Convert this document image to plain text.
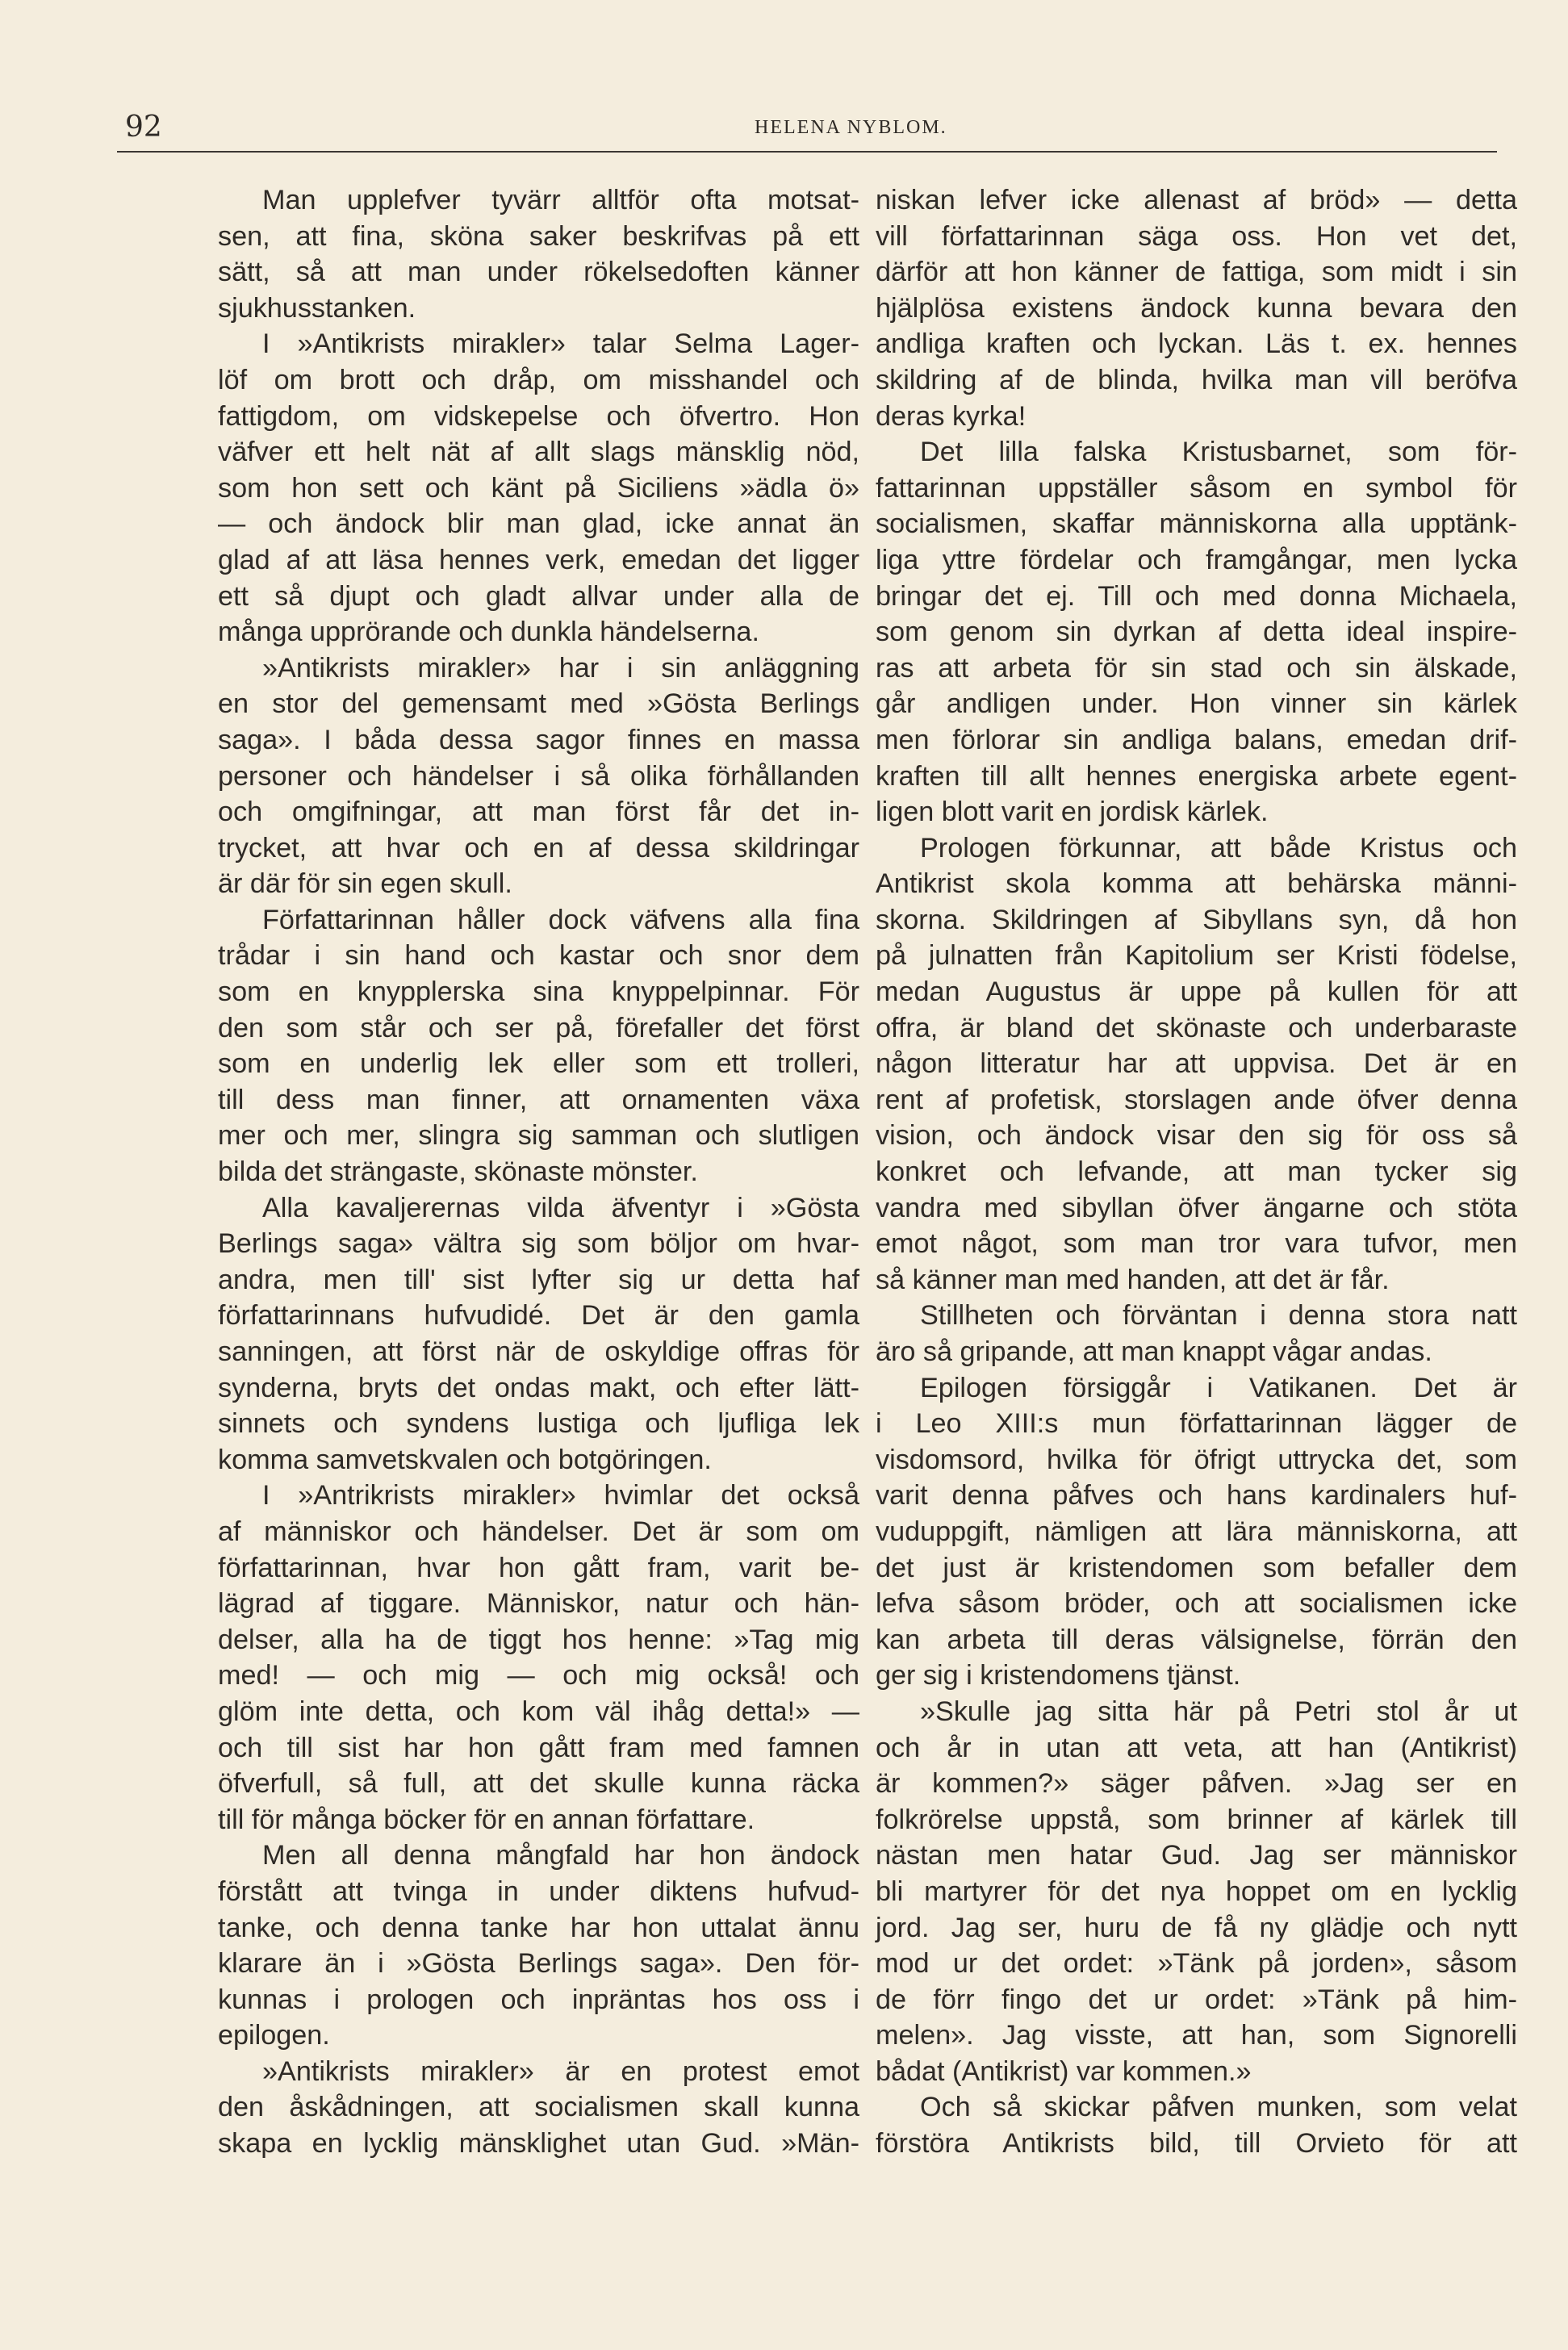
92	HELENA NYBLOM.
Man upplefver tyvärr alltför ofta motsat-
sen, att fina, sköna saker beskrifvas på ett
sätt, så att man under rökelsedoften känner
sjukhusstanken.
I »Antikrists mirakler» talar Selma Lager-
löf om brott och dråp, om misshandel och
fattigdom, om vidskepelse och öfvertro. Hon
väfver ett helt nät af allt slags mänsklig nöd,
som hon sett och känt på Siciliens »ädla ö»
— och ändock blir man glad, icke annat än
glad af att läsa hennes verk, emedan det ligger
ett så djupt och gladt allvar under alla de
många upprörande och dunkla händelserna.
»Antikrists mirakler» har i sin anläggning
en stor del gemensamt med »Gösta Berlings
saga». I båda dessa sagor finnes en massa
personer och händelser i så olika förhållanden
och omgifningar, att man först får det in-
trycket, att hvar och en af dessa skildringar
är där för sin egen skull.
Författarinnan håller dock väfvens alla fina
trådar i sin hand och kastar och snor dem
som en knypplerska sina knyppelpinnar. För
den som står och ser på, förefaller det först
som en underlig lek eller som ett trolleri,
till dess man finner, att ornamenten växa
mer och mer, slingra sig samman och slutligen
bilda det strängaste, skönaste mönster.
Alla kavaljerernas vilda äfventyr i »Gösta
Berlings saga» vältra sig som böljor om hvar-
andra, men till' sist lyfter sig ur detta haf
författarinnans hufvudidé. Det är den gamla
sanningen, att först när de oskyldige offras för
synderna, bryts det ondas makt, och efter lätt-
sinnets och syndens lustiga och ljufliga lek
komma samvetskvalen och botgöringen.
I »Antrikrists mirakler» hvimlar det också
af människor och händelser. Det är som om
författarinnan, hvar hon gått fram, varit be-
lägrad af tiggare. Människor, natur och hän-
delser, alla ha de tiggt hos henne: »Tag mig
med! — och mig — och mig också! och
glöm inte detta, och kom väl ihåg detta!» —
och till sist har hon gått fram med famnen
öfverfull, så full, att det skulle kunna räcka
till för många böcker för en annan författare.
Men all denna mångfald har hon ändock
förstått att tvinga in under diktens hufvud-
tanke, och denna tanke har hon uttalat ännu
klarare än i »Gösta Berlings saga». Den för-
kunnas i prologen och inpräntas hos oss i
epilogen.
»Antikrists mirakler» är en protest emot
den åskådningen, att socialismen skall kunna
skapa en lycklig mänsklighet utan Gud. »Män-
niskan lefver icke allenast af bröd» — detta
vill författarinnan säga oss. Hon vet det,
därför att hon känner de fattiga, som midt i sin
hjälplösa existens ändock kunna bevara den
andliga kraften och lyckan. Läs t. ex. hennes
skildring af de blinda, hvilka man vill beröfva
deras kyrka!
Det lilla falska Kristusbarnet, som för-
fattarinnan uppställer såsom en symbol för
socialismen, skaffar människorna alla upptänk-
liga yttre fördelar och framgångar, men lycka
bringar det ej. Till och med donna Michaela,
som genom sin dyrkan af detta ideal inspire-
ras att arbeta för sin stad och sin älskade,
går andligen under. Hon vinner sin kärlek
men förlorar sin andliga balans, emedan drif-
kraften till allt hennes energiska arbete egent-
ligen blott varit en jordisk kärlek.
Prologen förkunnar, att både Kristus och
Antikrist skola komma att behärska männi-
skorna. Skildringen af Sibyllans syn, då hon
på julnatten från Kapitolium ser Kristi födelse,
medan Augustus är uppe på kullen för att
offra, är bland det skönaste och underbaraste
någon litteratur har att uppvisa. Det är en
rent af profetisk, storslagen ande öfver denna
vision, och ändock visar den sig för oss så
konkret och lefvande, att man tycker sig
vandra med sibyllan öfver ängarne och stöta
emot något, som man tror vara tufvor, men
så känner man med handen, att det är får.
Stillheten och förväntan i denna stora natt
äro så gripande, att man knappt vågar andas.
Epilogen försiggår i Vatikanen. Det är
i Leo XIII:s mun författarinnan lägger de
visdomsord, hvilka för öfrigt uttrycka det, som
varit denna påfves och hans kardinalers huf-
vuduppgift, nämligen att lära människorna, att
det just är kristendomen som befaller dem
lefva såsom bröder, och att socialismen icke
kan arbeta till deras välsignelse, förrän den
ger sig i kristendomens tjänst.
»Skulle jag sitta här på Petri stol år ut
och år in utan att veta, att han (Antikrist)
är kommen?» säger påfven. »Jag ser en
folkrörelse uppstå, som brinner af kärlek till
nästan men hatar Gud. Jag ser människor
bli martyrer för det nya hoppet om en lycklig
jord. Jag ser, huru de få ny glädje och nytt
mod ur det ordet: »Tänk på jorden», såsom
de förr fingo det ur ordet: »Tänk på him-
melen». Jag visste, att han, som Signorelli
bådat (Antikrist) var kommen.»
Och så skickar påfven munken, som velat
förstöra Antikrists bild, till Orvieto för att
